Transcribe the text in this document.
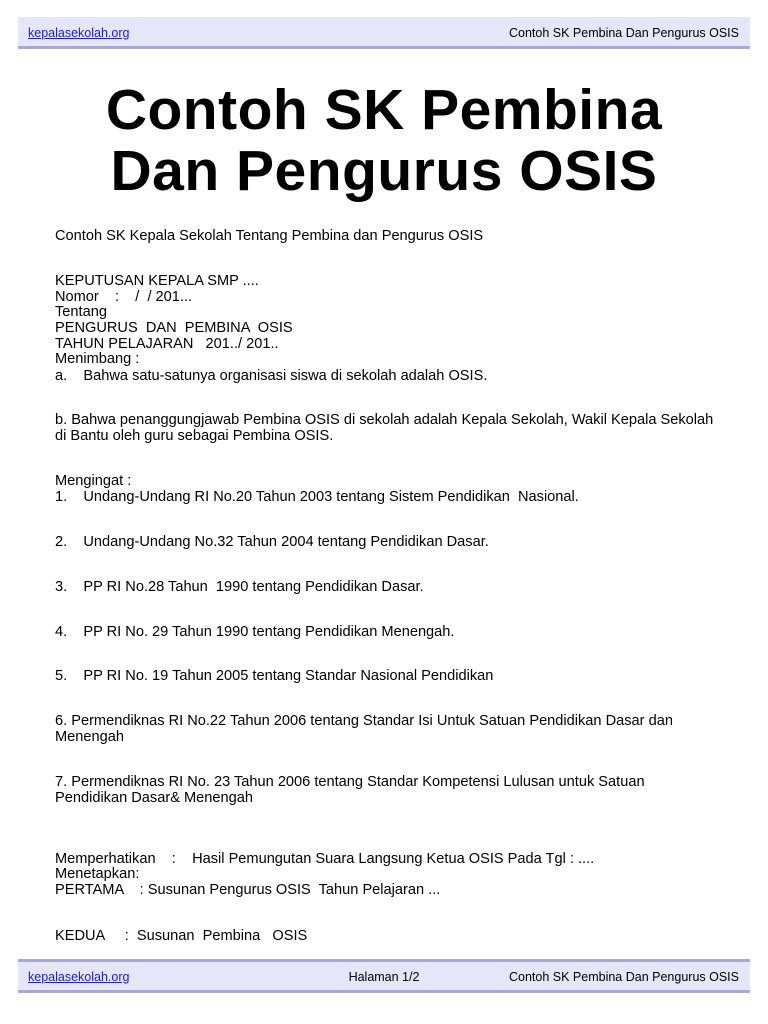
kepalasekolah.org	Contoh SK Pembina Dan Pengurus OSIS
Contoh SK Pembina
Dan Pengurus OSIS
Contoh SK Kepala Sekolah Tentang Pembina dan Pengurus OSIS
KEPUTUSAN KEPALA SMP ....
Nomor    :    /  / 201...
Tentang
PENGURUS  DAN  PEMBINA  OSIS
TAHUN PELAJARAN   201../ 201..
Menimbang :
a.    Bahwa satu-satunya organisasi siswa di sekolah adalah OSIS.
b. Bahwa penanggungjawab Pembina OSIS di sekolah adalah Kepala Sekolah, Wakil Kepala Sekolah di Bantu oleh guru sebagai Pembina OSIS.
Mengingat :
1.    Undang-Undang RI No.20 Tahun 2003 tentang Sistem Pendidikan  Nasional.
2.    Undang-Undang No.32 Tahun 2004 tentang Pendidikan Dasar.
3.    PP RI No.28 Tahun  1990 tentang Pendidikan Dasar.
4.    PP RI No. 29 Tahun 1990 tentang Pendidikan Menengah.
5.    PP RI No. 19 Tahun 2005 tentang Standar Nasional Pendidikan
6. Permendiknas RI No.22 Tahun 2006 tentang Standar Isi Untuk Satuan Pendidikan Dasar dan Menengah
7. Permendiknas RI No. 23 Tahun 2006 tentang Standar Kompetensi Lulusan untuk Satuan Pendidikan Dasar& Menengah
Memperhatikan    :    Hasil Pemungutan Suara Langsung Ketua OSIS Pada Tgl : ....
Menetapkan:
PERTAMA    : Susunan Pengurus OSIS  Tahun Pelajaran ...
KEDUA     :  Susunan  Pembina   OSIS
kepalasekolah.org	Halaman 1/2	Contoh SK Pembina Dan Pengurus OSIS
